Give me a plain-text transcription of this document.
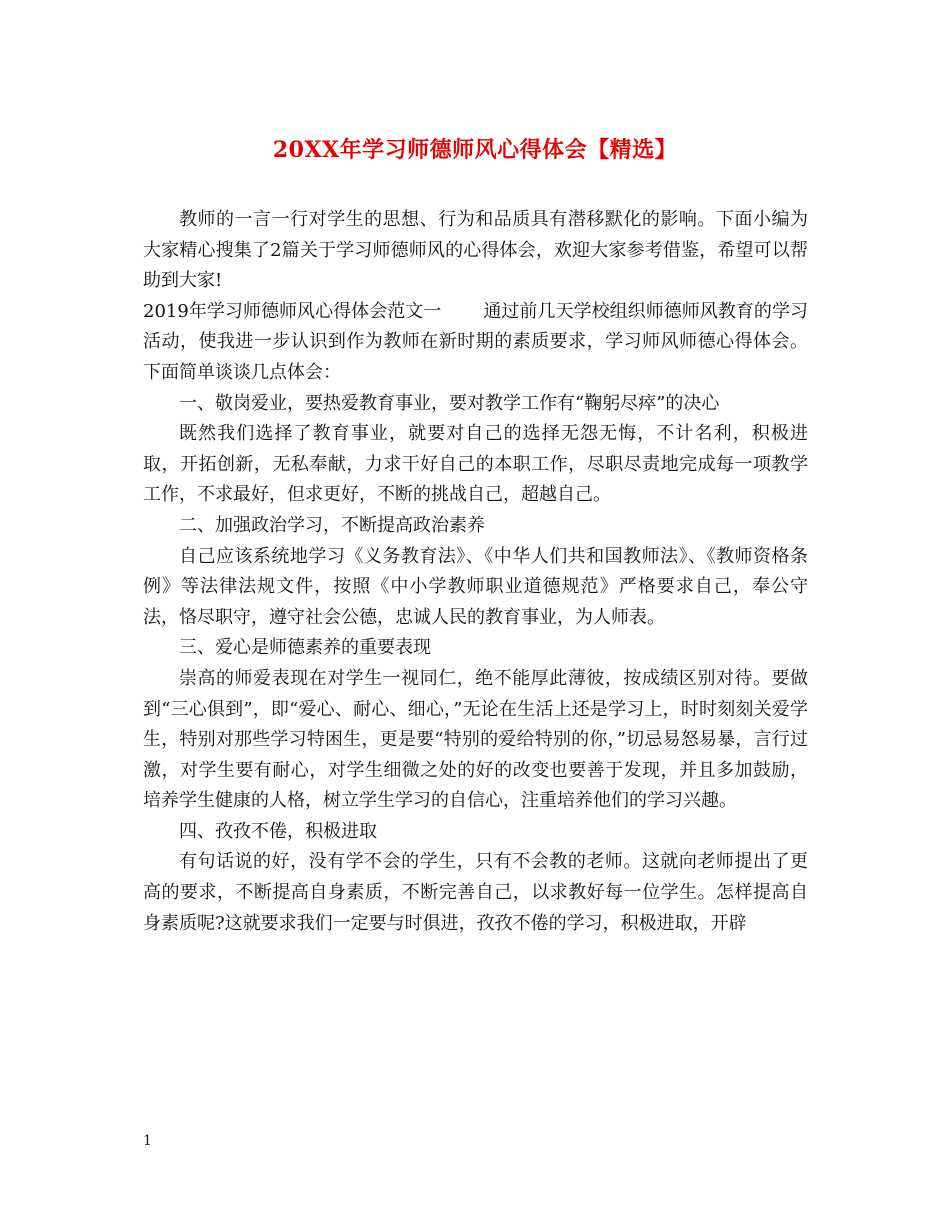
20XX年学习师德师风心得体会【精选】

教师的一言一行对学生的思想、行为和品质具有潜移默化的影响。下面小编为大家精心搜集了2篇关于学习师德师风的心得体会，欢迎大家参考借鉴，希望可以帮助到大家!

2019年学习师德师风心得体会范文一 通过前几天学校组织师德师风教育的学习活动，使我进一步认识到作为教师在新时期的素质要求，学习师风师德心得体会。下面简单谈谈几点体会：

一、敬岗爱业，要热爱教育事业，要对教学工作有“鞠躬尽瘁”的决心

既然我们选择了教育事业，就要对自己的选择无怨无悔，不计名利，积极进取，开拓创新，无私奉献，力求干好自己的本职工作，尽职尽责地完成每一项教学工作，不求最好，但求更好，不断的挑战自己，超越自己。

二、加强政治学习，不断提高政治素养

自己应该系统地学习《义务教育法》、《中华人们共和国教师法》、《教师资格条例》等法律法规文件，按照《中小学教师职业道德规范》严格要求自己，奉公守法，恪尽职守，遵守社会公德，忠诚人民的教育事业，为人师表。

三、爱心是师德素养的重要表现

崇高的师爱表现在对学生一视同仁，绝不能厚此薄彼，按成绩区别对待。要做到“三心俱到”，即“爱心、耐心、细心，”无论在生活上还是学习上，时时刻刻关爱学生，特别对那些学习特困生，更是要“特别的爱给特别的你，”切忌易怒易暴，言行过激，对学生要有耐心，对学生细微之处的好的改变也要善于发现，并且多加鼓励，培养学生健康的人格，树立学生学习的自信心，注重培养他们的学习兴趣。

四、孜孜不倦，积极进取

有句话说的好，没有学不会的学生，只有不会教的老师。这就向老师提出了更高的要求，不断提高自身素质，不断完善自己，以求教好每一位学生。怎样提高自身素质呢?这就要求我们一定要与时俱进，孜孜不倦的学习，积极进取，开辟

1
